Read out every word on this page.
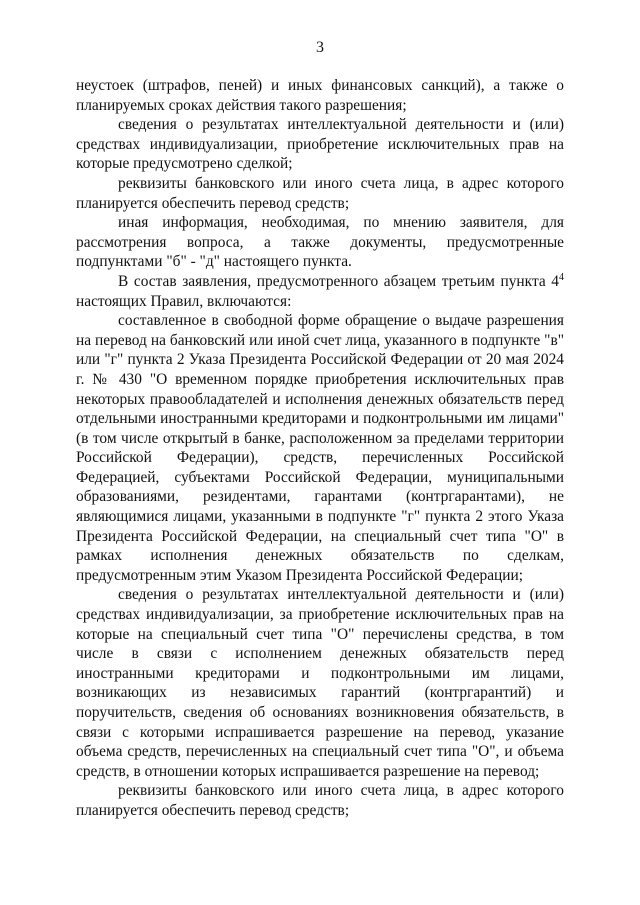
3

неустоек (штрафов, пеней) и иных финансовых санкций), а также о планируемых сроках действия такого разрешения;

сведения о результатах интеллектуальной деятельности и (или) средствах индивидуализации, приобретение исключительных прав на которые предусмотрено сделкой;

реквизиты банковского или иного счета лица, в адрес которого планируется обеспечить перевод средств;

иная информация, необходимая, по мнению заявителя, для рассмотрения вопроса, а также документы, предусмотренные подпунктами "б" - "д" настоящего пункта.

В состав заявления, предусмотренного абзацем третьим пункта $4^4$ настоящих Правил, включаются:

составленное в свободной форме обращение о выдаче разрешения на перевод на банковский или иной счет лица, указанного в подпункте "в" или "г" пункта 2 Указа Президента Российской Федерации от 20 мая 2024 г. № 430 "О временном порядке приобретения исключительных прав некоторых правообладателей и исполнения денежных обязательств перед отдельными иностранными кредиторами и подконтрольными им лицами" (в том числе открытый в банке, расположенном за пределами территории Российской Федерации), средств, перечисленных Российской Федерацией, субъектами Российской Федерации, муниципальными образованиями, резидентами, гарантами (контргарантами), не являющимися лицами, указанными в подпункте "г" пункта 2 этого Указа Президента Российской Федерации, на специальный счет типа "О" в рамках исполнения денежных обязательств по сделкам, предусмотренным этим Указом Президента Российской Федерации;

сведения о результатах интеллектуальной деятельности и (или) средствах индивидуализации, за приобретение исключительных прав на которые на специальный счет типа "О" перечислены средства, в том числе в связи с исполнением денежных обязательств перед иностранными кредиторами и подконтрольными им лицами, возникающих из независимых гарантий (контргарантий) и поручительств, сведения об основаниях возникновения обязательств, в связи с которыми испрашивается разрешение на перевод, указание объема средств, перечисленных на специальный счет типа "О", и объема средств, в отношении которых испрашивается разрешение на перевод;

реквизиты банковского или иного счета лица, в адрес которого планируется обеспечить перевод средств;
